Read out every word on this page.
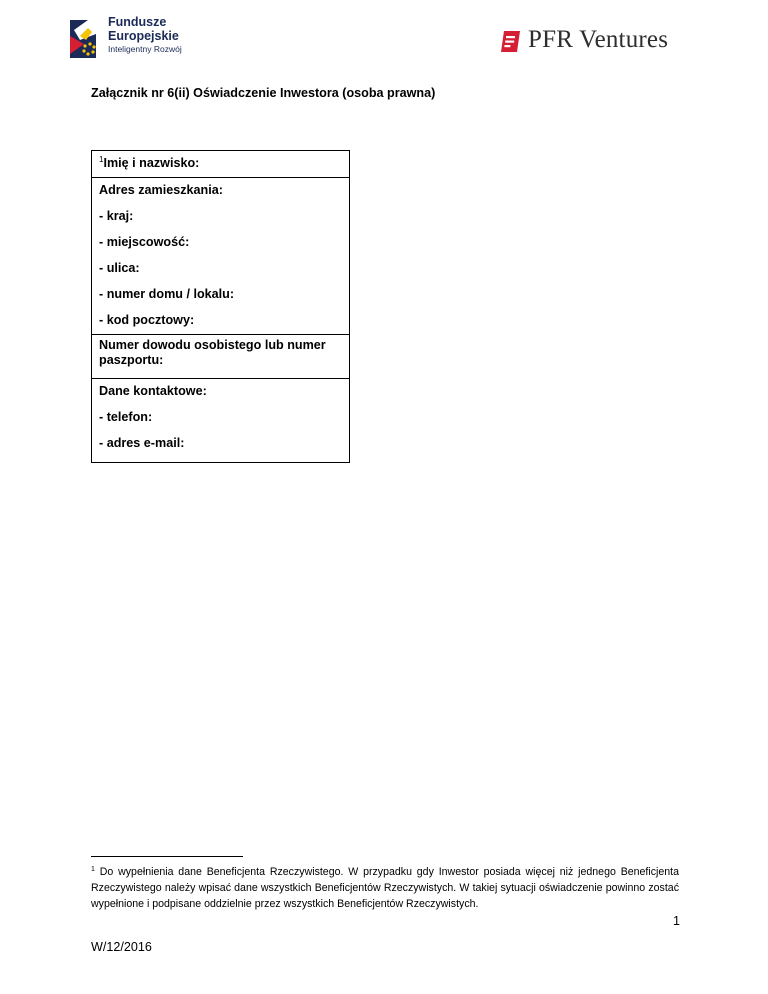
Fundusze
Europejskie
Inteligentny Rozwój	PFR Ventures
Załącznik nr 6(ii) Oświadczenie Inwestora (osoba prawna)
$^1$Imię i nazwisko:
Adres zamieszkania:
- kraj:
- miejscowość:
- ulica:
- numer domu / lokalu:
- kod pocztowy:
Numer dowodu osobistego lub numer paszportu:
Dane kontaktowe:
- telefon:
- adres e-mail:
$^1$ Do wypełnienia dane Beneficjenta Rzeczywistego. W przypadku gdy Inwestor posiada więcej niż jednego Beneficjenta Rzeczywistego należy wpisać dane wszystkich Beneficjentów Rzeczywistych. W takiej sytuacji oświadczenie powinno zostać wypełnione i podpisane oddzielnie przez wszystkich Beneficjentów Rzeczywistych.
1
W/12/2016
